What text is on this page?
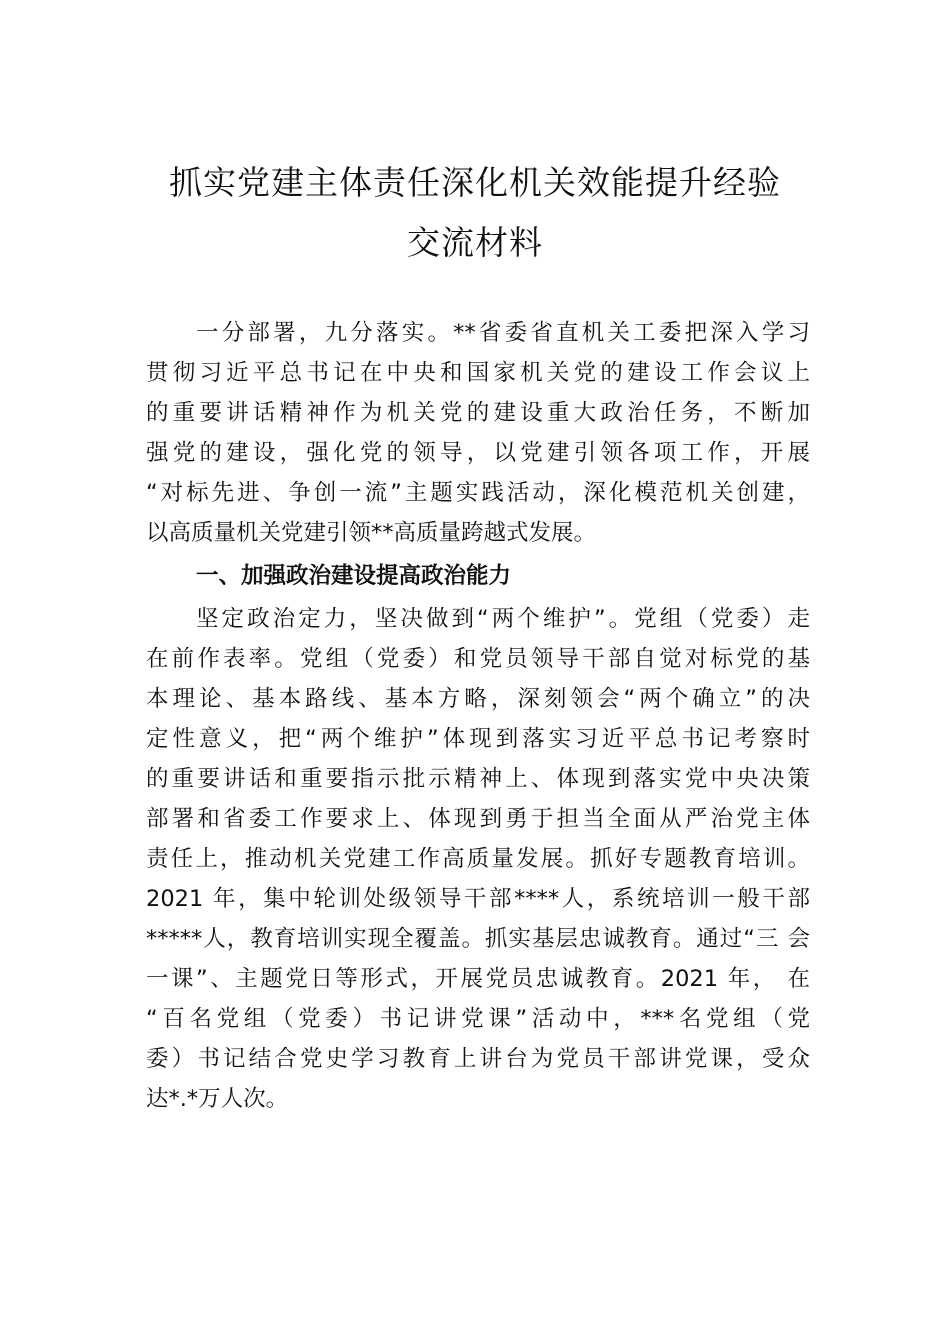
抓实党建主体责任深化机关效能提升经验
交流材料
一分部署，九分落实。**省委省直机关工委把深入学习
贯彻习近平总书记在中央和国家机关党的建设工作会议上
的重要讲话精神作为机关党的建设重大政治任务，不断加
强党的建设，强化党的领导，以党建引领各项工作，开展
“对标先进、争创一流”主题实践活动，深化模范机关创建，
以高质量机关党建引领**高质量跨越式发展。
一、加强政治建设提高政治能力
坚定政治定力，坚决做到“两个维护”。党组（党委）走
在前作表率。党组（党委）和党员领导干部自觉对标党的基
本理论、基本路线、基本方略，深刻领会“两个确立”的决
定性意义，把“两个维护”体现到落实习近平总书记考察时
的重要讲话和重要指示批示精神上、体现到落实党中央决策
部署和省委工作要求上、体现到勇于担当全面从严治党主体
责任上，推动机关党建工作高质量发展。抓好专题教育培训。
2021 年，集中轮训处级领导干部****人，系统培训一般干部
*****人，教育培训实现全覆盖。抓实基层忠诚教育。通过“三 会
一课”、主题党日等形式，开展党员忠诚教育。2021 年， 在
“百名党组（党委）书记讲党课”活动中，***名党组（党
委）书记结合党史学习教育上讲台为党员干部讲党课，受众
达*.*万人次。
